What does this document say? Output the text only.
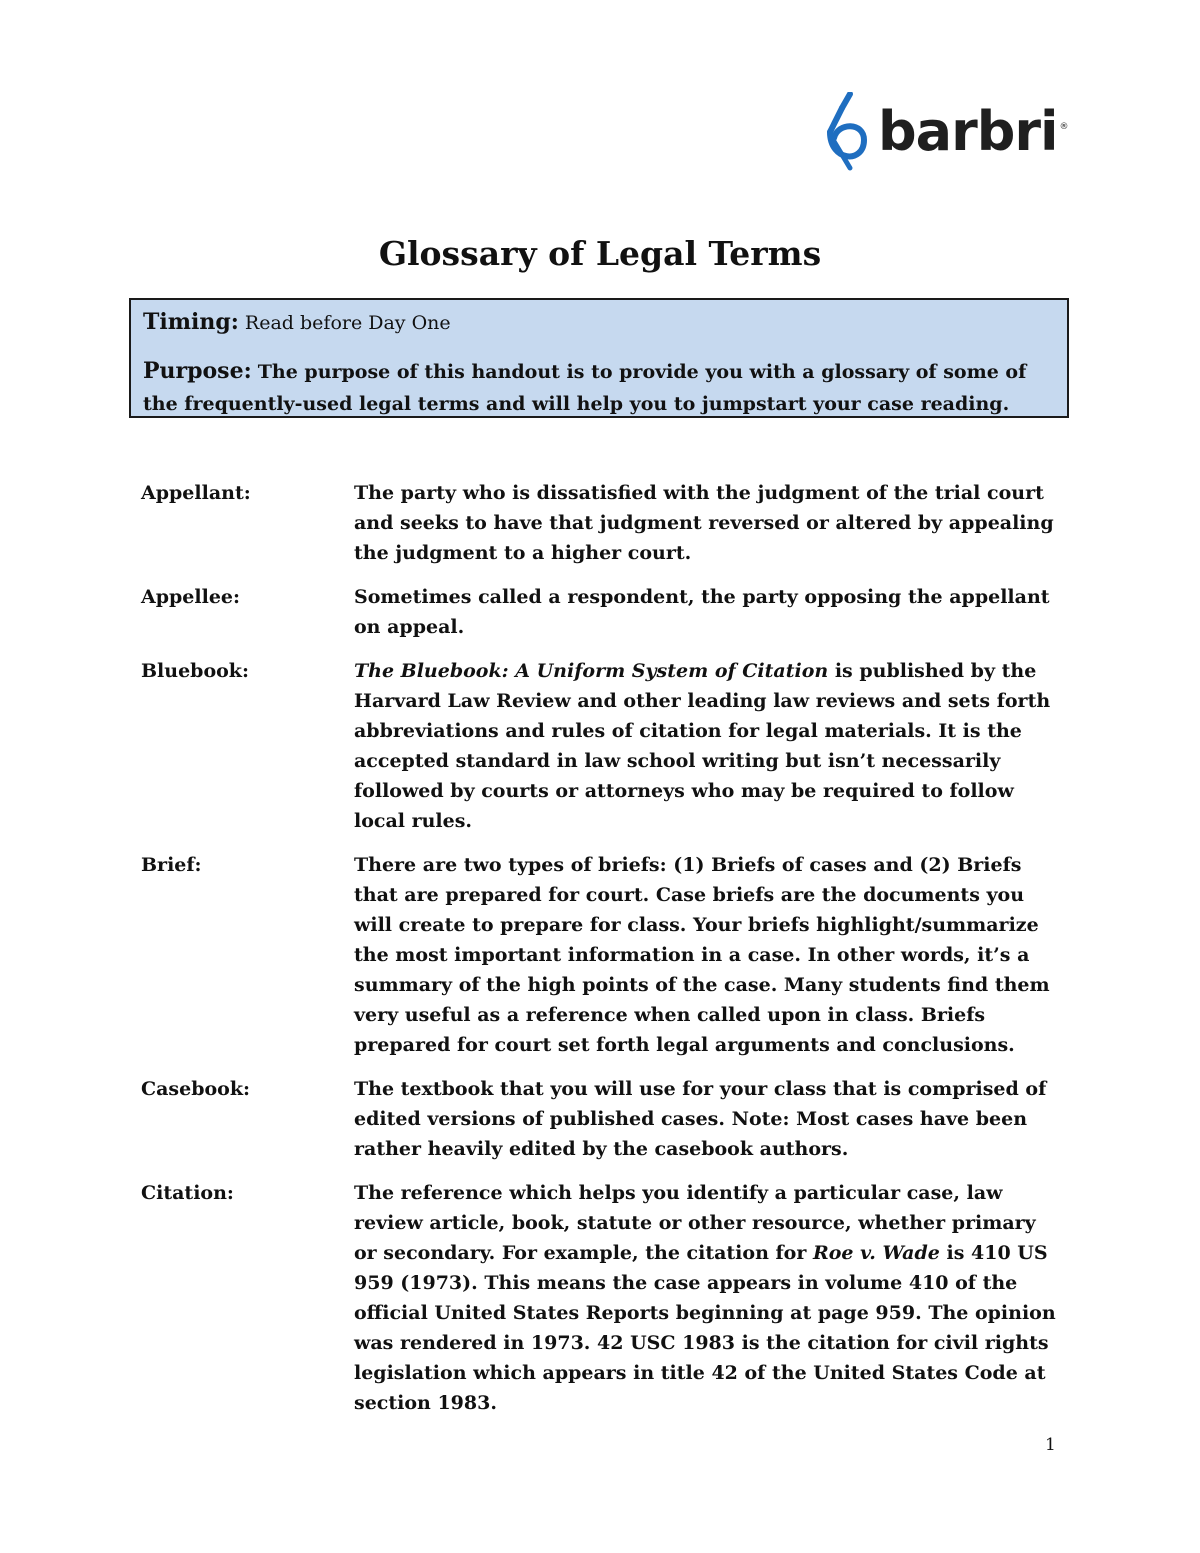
barbri ®
Glossary of Legal Terms

Timing: Read before Day One

Purpose: The purpose of this handout is to provide you with a glossary of some of the frequently-used legal terms and will help you to jumpstart your case reading.

Appellant:	The party who is dissatisfied with the judgment of the trial court and seeks to have that judgment reversed or altered by appealing the judgment to a higher court.
Appellee:	Sometimes called a respondent, the party opposing the appellant on appeal.
Bluebook:	The Bluebook: A Uniform System of Citation is published by the Harvard Law Review and other leading law reviews and sets forth abbreviations and rules of citation for legal materials. It is the accepted standard in law school writing but isn’t necessarily followed by courts or attorneys who may be required to follow local rules.
Brief:	There are two types of briefs: (1) Briefs of cases and (2) Briefs that are prepared for court. Case briefs are the documents you will create to prepare for class. Your briefs highlight/summarize the most important information in a case. In other words, it’s a summary of the high points of the case. Many students find them very useful as a reference when called upon in class. Briefs prepared for court set forth legal arguments and conclusions.
Casebook:	The textbook that you will use for your class that is comprised of edited versions of published cases. Note: Most cases have been rather heavily edited by the casebook authors.
Citation:	The reference which helps you identify a particular case, law review article, book, statute or other resource, whether primary or secondary. For example, the citation for Roe v. Wade is 410 US 959 (1973). This means the case appears in volume 410 of the official United States Reports beginning at page 959. The opinion was rendered in 1973. 42 USC 1983 is the citation for civil rights legislation which appears in title 42 of the United States Code at section 1983.
1
